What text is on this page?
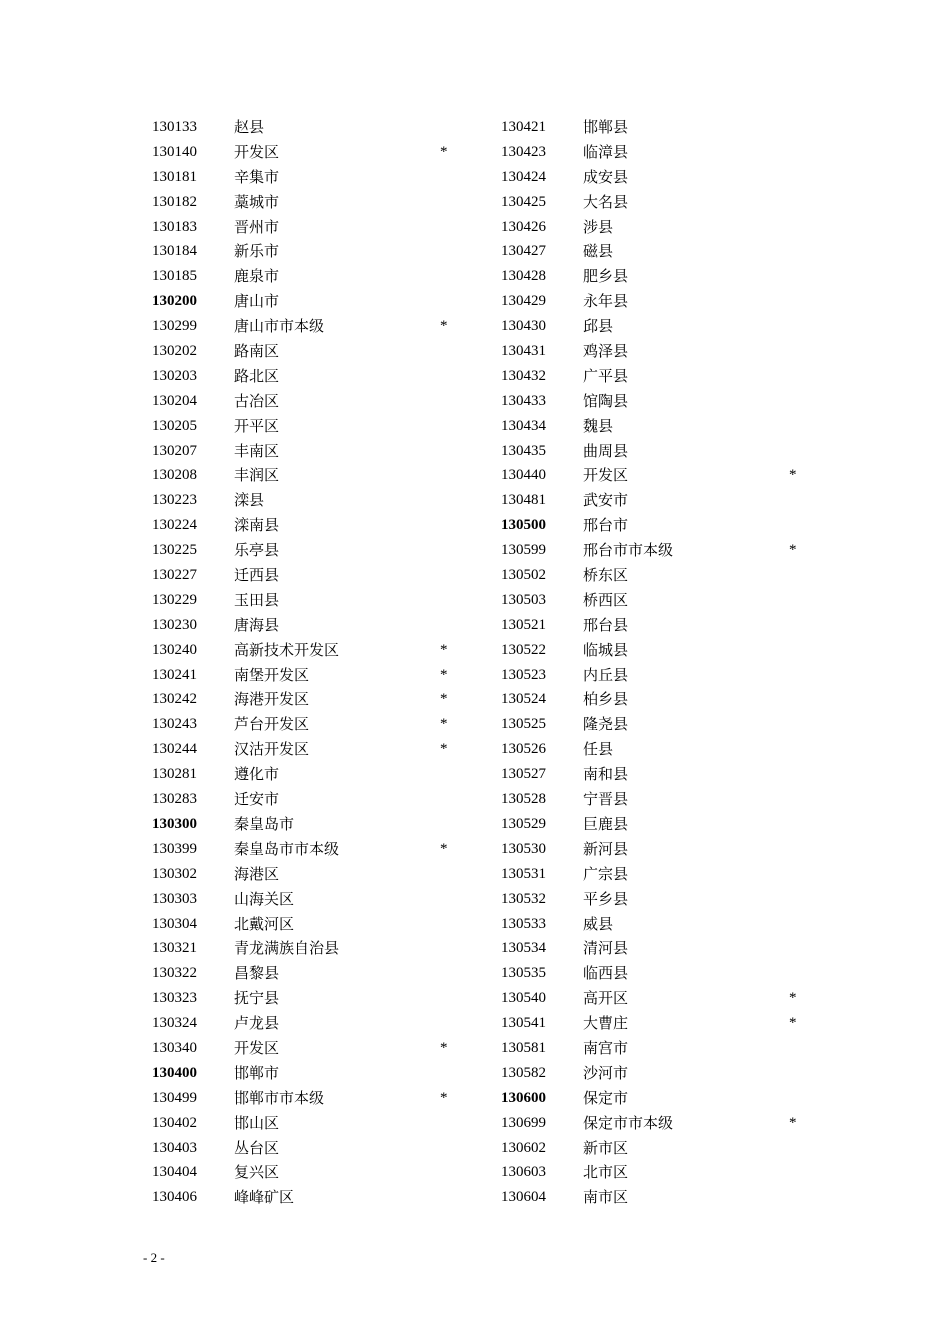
130133	赵县
130140	开发区	*
130181	辛集市
130182	藁城市
130183	晋州市
130184	新乐市
130185	鹿泉市
130200	唐山市
130299	唐山市市本级	*
130202	路南区
130203	路北区
130204	古冶区
130205	开平区
130207	丰南区
130208	丰润区
130223	滦县
130224	滦南县
130225	乐亭县
130227	迁西县
130229	玉田县
130230	唐海县
130240	高新技术开发区	*
130241	南堡开发区	*
130242	海港开发区	*
130243	芦台开发区	*
130244	汉沽开发区	*
130281	遵化市
130283	迁安市
130300	秦皇岛市
130399	秦皇岛市市本级	*
130302	海港区
130303	山海关区
130304	北戴河区
130321	青龙满族自治县
130322	昌黎县
130323	抚宁县
130324	卢龙县
130340	开发区	*
130400	邯郸市
130499	邯郸市市本级	*
130402	邯山区
130403	丛台区
130404	复兴区
130406	峰峰矿区
130421	邯郸县
130423	临漳县
130424	成安县
130425	大名县
130426	涉县
130427	磁县
130428	肥乡县
130429	永年县
130430	邱县
130431	鸡泽县
130432	广平县
130433	馆陶县
130434	魏县
130435	曲周县
130440	开发区	*
130481	武安市
130500	邢台市
130599	邢台市市本级	*
130502	桥东区
130503	桥西区
130521	邢台县
130522	临城县
130523	内丘县
130524	柏乡县
130525	隆尧县
130526	任县
130527	南和县
130528	宁晋县
130529	巨鹿县
130530	新河县
130531	广宗县
130532	平乡县
130533	威县
130534	清河县
130535	临西县
130540	高开区	*
130541	大曹庄	*
130581	南宫市
130582	沙河市
130600	保定市
130699	保定市市本级	*
130602	新市区
130603	北市区
130604	南市区
- 2 -
